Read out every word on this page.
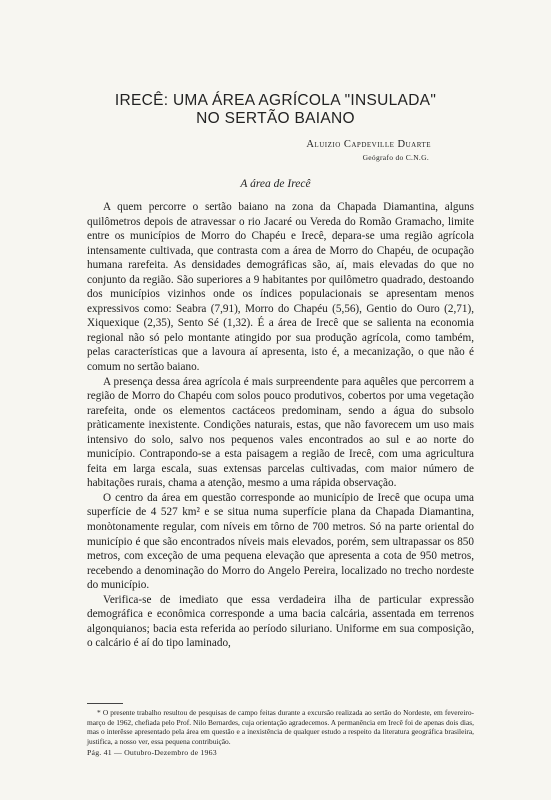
IRECÊ: UMA ÁREA AGRÍCOLA "INSULADA"
NO SERTÃO BAIANO
Aluizio Capdeville Duarte
Geógrafo do C.N.G.
A área de Irecê

A quem percorre o sertão baiano na zona da Chapada Diamantina, alguns quilômetros depois de atravessar o rio Jacaré ou Vereda do Romão Gramacho, limite entre os municípios de Morro do Chapéu e Irecê, depara-se uma região agrícola intensamente cultivada, que contrasta com a área de Morro do Chapéu, de ocupação humana rarefeita. As densidades demográficas são, aí, mais elevadas do que no conjunto da região. São superiores a 9 habitantes por quilômetro quadrado, destoando dos municípios vizinhos onde os índices populacionais se apresentam menos expressivos como: Seabra (7,91), Morro do Chapéu (5,56), Gentio do Ouro (2,71), Xiquexique (2,35), Sento Sé (1,32). É a área de Irecê que se salienta na economia regional não só pelo montante atingido por sua produção agrícola, como também, pelas características que a lavoura aí apresenta, isto é, a mecanização, o que não é comum no sertão baiano.

A presença dessa área agrícola é mais surpreendente para aquêles que percorrem a região de Morro do Chapéu com solos pouco produtivos, cobertos por uma vegetação rarefeita, onde os elementos cactáceos predominam, sendo a água do subsolo pràticamente inexistente. Condições naturais, estas, que não favorecem um uso mais intensivo do solo, salvo nos pequenos vales encontrados ao sul e ao norte do município. Contrapondo-se a esta paisagem a região de Irecê, com uma agricultura feita em larga escala, suas extensas parcelas cultivadas, com maior número de habitações rurais, chama a atenção, mesmo a uma rápida observação.

O centro da área em questão corresponde ao município de Irecê que ocupa uma superfície de 4 527 km² e se situa numa superfície plana da Chapada Diamantina, monòtonamente regular, com níveis em tôrno de 700 metros. Só na parte oriental do município é que são encontrados níveis mais elevados, porém, sem ultrapassar os 850 metros, com exceção de uma pequena elevação que apresenta a cota de 950 metros, recebendo a denominação do Morro do Angelo Pereira, localizado no trecho nordeste do município.

Verifica-se de imediato que essa verdadeira ilha de particular expressão demográfica e econômica corresponde a uma bacia calcária, assentada em terrenos algonquianos; bacia esta referida ao período siluriano. Uniforme em sua composição, o calcário é aí do tipo laminado,

* O presente trabalho resultou de pesquisas de campo feitas durante a excursão realizada ao sertão do Nordeste, em fevereiro-março de 1962, chefiada pelo Prof. Nilo Bernardes, cuja orientação agradecemos. A permanência em Irecê foi de apenas dois dias, mas o interêsse apresentado pela área em questão e a inexistência de qualquer estudo a respeito da literatura geográfica brasileira, justifica, a nosso ver, essa pequena contribuição.

Pág. 41 — Outubro-Dezembro de 1963
